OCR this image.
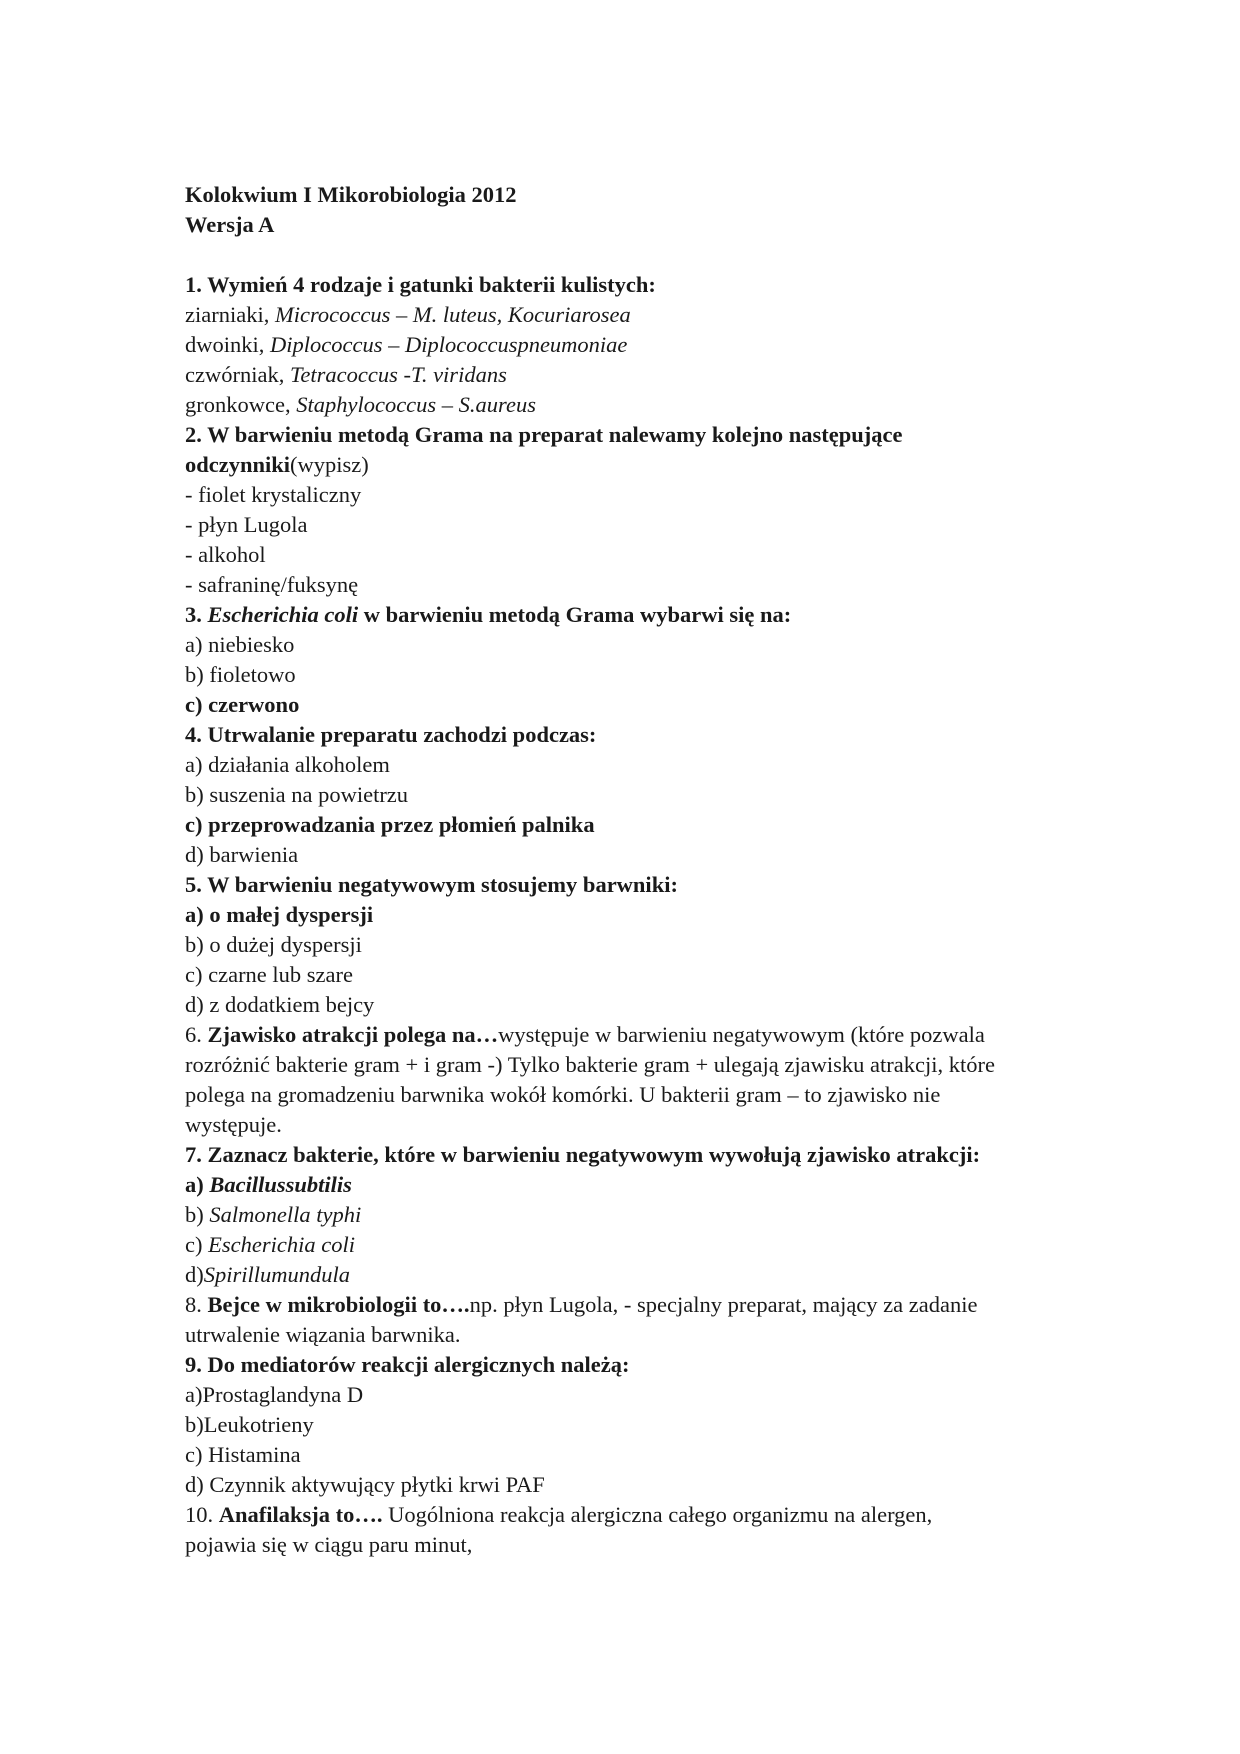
Kolokwium I Mikorobiologia 2012
Wersja A
1. Wymień 4 rodzaje i gatunki bakterii kulistych:
ziarniaki, Micrococcus – M. luteus, Kocuriarosea
dwoinki, Diplococcus – Diplococcuspneumoniae
czwórniak, Tetracoccus -T. viridans
gronkowce, Staphylococcus – S.aureus
2. W barwieniu metodą Grama na preparat nalewamy kolejno następujące
odczynniki(wypisz)
- fiolet krystaliczny
- płyn Lugola
- alkohol
- safraninę/fuksynę
3. Escherichia coli w barwieniu metodą Grama wybarwi się na:
a) niebiesko
b) fioletowo
c) czerwono
4. Utrwalanie preparatu zachodzi podczas:
a) działania alkoholem
b) suszenia na powietrzu
c) przeprowadzania przez płomień palnika
d) barwienia
5. W barwieniu negatywowym stosujemy barwniki:
a) o małej dyspersji
b) o dużej dyspersji
c) czarne lub szare
d) z dodatkiem bejcy
6. Zjawisko atrakcji polega na…występuje w barwieniu negatywowym (które pozwala
rozróżnić bakterie gram + i gram -) Tylko bakterie gram + ulegają zjawisku atrakcji, które
polega na gromadzeniu barwnika wokół komórki. U bakterii gram – to zjawisko nie
występuje.
7. Zaznacz bakterie, które w barwieniu negatywowym wywołują zjawisko atrakcji:
a) Bacillussubtilis
b) Salmonella typhi
c) Escherichia coli
d)Spirillumundula
8. Bejce w mikrobiologii to….np. płyn Lugola, - specjalny preparat, mający za zadanie
utrwalenie wiązania barwnika.
9. Do mediatorów reakcji alergicznych należą:
a)Prostaglandyna D
b)Leukotrieny
c) Histamina
d) Czynnik aktywujący płytki krwi PAF
10. Anafilaksja to…. Uogólniona reakcja alergiczna całego organizmu na alergen,
pojawia się w ciągu paru minut,
